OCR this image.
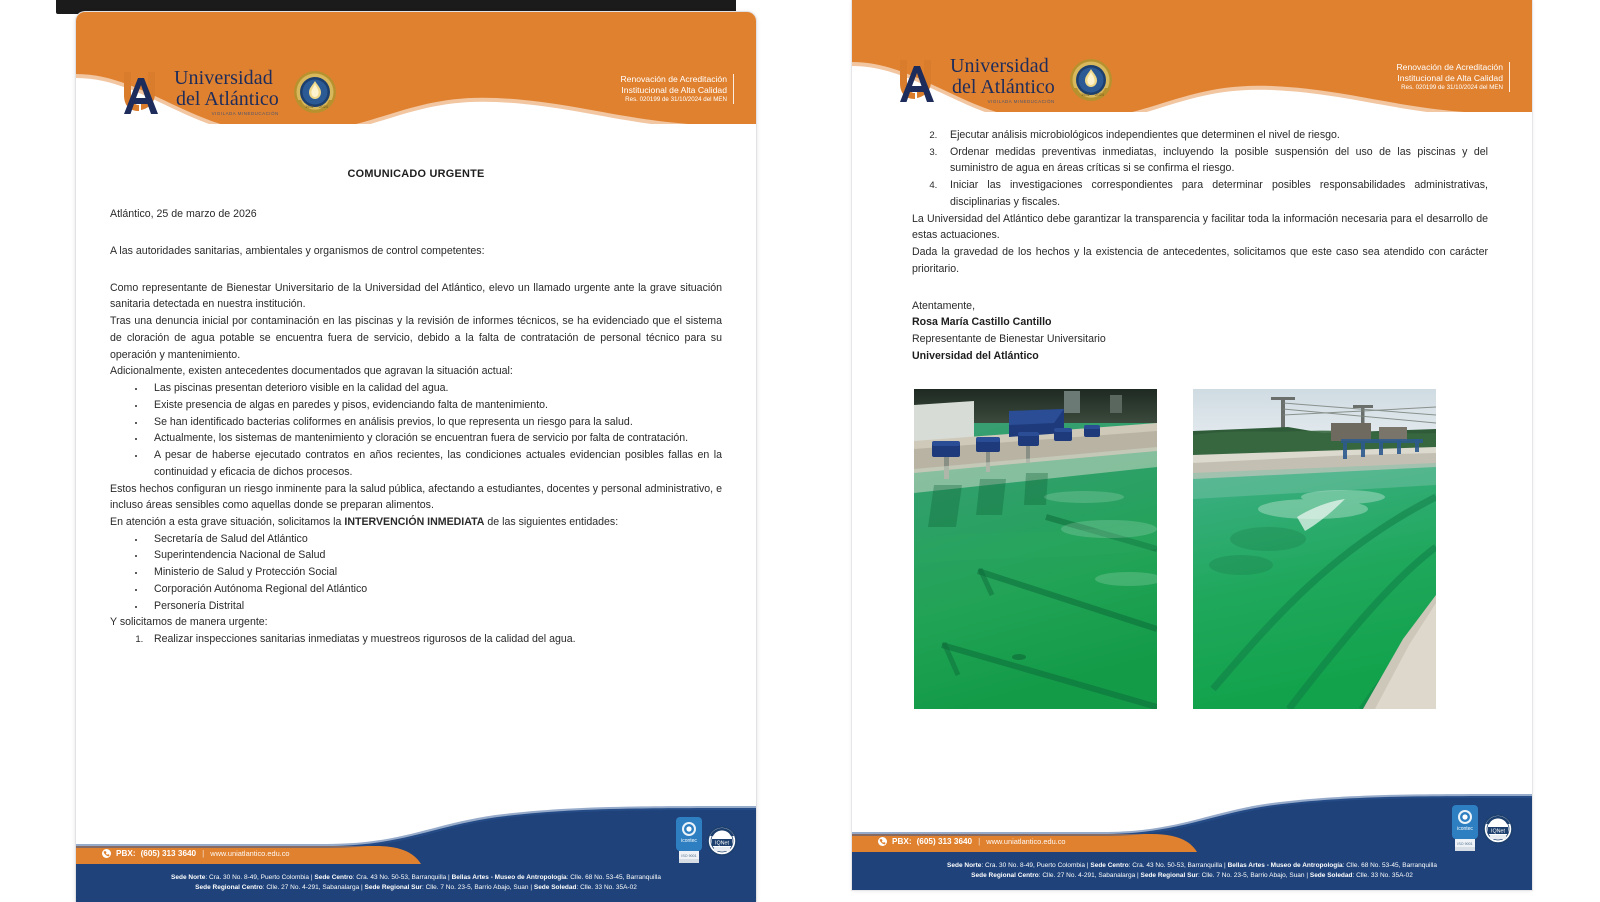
Universidad
del Atlántico
VIGILADA MINEDUCACIÓN
1941 2024
Renovación de Acreditación
Institucional de Alta Calidad
Res. 020199 de 31/10/2024 del MEN
COMUNICADO URGENTE

Atlántico, 25 de marzo de 2026

A las autoridades sanitarias, ambientales y organismos de control competentes:

Como representante de Bienestar Universitario de la Universidad del Atlántico, elevo un llamado urgente ante la grave situación sanitaria detectada en nuestra institución.

Tras una denuncia inicial por contaminación en las piscinas y la revisión de informes técnicos, se ha evidenciado que el sistema de cloración de agua potable se encuentra fuera de servicio, debido a la falta de contratación de personal técnico para su operación y mantenimiento.

Adicionalmente, existen antecedentes documentados que agravan la situación actual:

• Las piscinas presentan deterioro visible en la calidad del agua.
• Existe presencia de algas en paredes y pisos, evidenciando falta de mantenimiento.
• Se han identificado bacterias coliformes en análisis previos, lo que representa un riesgo para la salud.
• Actualmente, los sistemas de mantenimiento y cloración se encuentran fuera de servicio por falta de contratación.
• A pesar de haberse ejecutado contratos en años recientes, las condiciones actuales evidencian posibles fallas en la continuidad y eficacia de dichos procesos.

Estos hechos configuran un riesgo inminente para la salud pública, afectando a estudiantes, docentes y personal administrativo, e incluso áreas sensibles como aquellas donde se preparan alimentos.

En atención a esta grave situación, solicitamos la INTERVENCIÓN INMEDIATA de las siguientes entidades:

• Secretaría de Salud del Atlántico
• Superintendencia Nacional de Salud
• Ministerio de Salud y Protección Social
• Corporación Autónoma Regional del Atlántico
• Personería Distrital

Y solicitamos de manera urgente:

1. Realizar inspecciones sanitarias inmediatas y muestreos rigurosos de la calidad del agua.
PBX: (605) 313 3640 | www.uniatlantico.edu.co
icontec
ISO 9001
IQNet
Sede Norte: Cra. 30 No. 8-49, Puerto Colombia | Sede Centro: Cra. 43 No. 50-53, Barranquilla | Bellas Artes - Museo de Antropología: Clle. 68 No. 53-45, Barranquilla
Sede Regional Centro: Clle. 27 No. 4-291, Sabanalarga | Sede Regional Sur: Clle. 7 No. 23-5, Barrio Abajo, Suan | Sede Soledad: Clle. 33 No. 35A-02
Universidad
del Atlántico
VIGILADA MINEDUCACIÓN
1941 2024
Renovación de Acreditación
Institucional de Alta Calidad
Res. 020199 de 31/10/2024 del MEN
2. Ejecutar análisis microbiológicos independientes que determinen el nivel de riesgo.
3. Ordenar medidas preventivas inmediatas, incluyendo la posible suspensión del uso de las piscinas y del suministro de agua en áreas críticas si se confirma el riesgo.
4. Iniciar las investigaciones correspondientes para determinar posibles responsabilidades administrativas, disciplinarias y fiscales.

La Universidad del Atlántico debe garantizar la transparencia y facilitar toda la información necesaria para el desarrollo de estas actuaciones.

Dada la gravedad de los hechos y la existencia de antecedentes, solicitamos que este caso sea atendido con carácter prioritario.

Atentamente,

Rosa María Castillo Cantillo

Representante de Bienestar Universitario

Universidad del Atlántico

PBX: (605) 313 3640 | www.uniatlantico.edu.co
icontec
ISO 9001
IQNet
Sede Norte: Cra. 30 No. 8-49, Puerto Colombia | Sede Centro: Cra. 43 No. 50-53, Barranquilla | Bellas Artes - Museo de Antropología: Clle. 68 No. 53-45, Barranquilla
Sede Regional Centro: Clle. 27 No. 4-291, Sabanalarga | Sede Regional Sur: Clle. 7 No. 23-5, Barrio Abajo, Suan | Sede Soledad: Clle. 33 No. 35A-02
